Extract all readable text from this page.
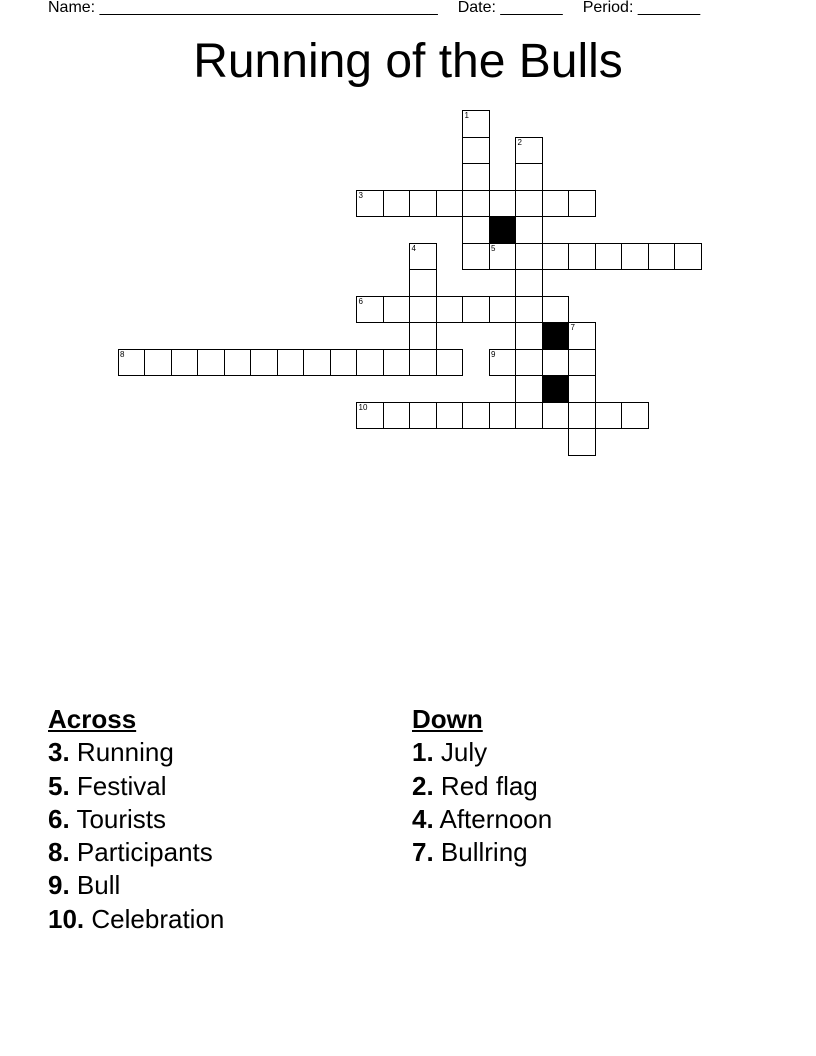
Name: ______________________________________ Date: _______ Period: _______
Running of the Bulls
1
2
3
4	5
6
7
8	9
10
Across
3. Running
5. Festival
6. Tourists
8. Participants
9. Bull
10. Celebration
Down
1. July
2. Red flag
4. Afternoon
7. Bullring
